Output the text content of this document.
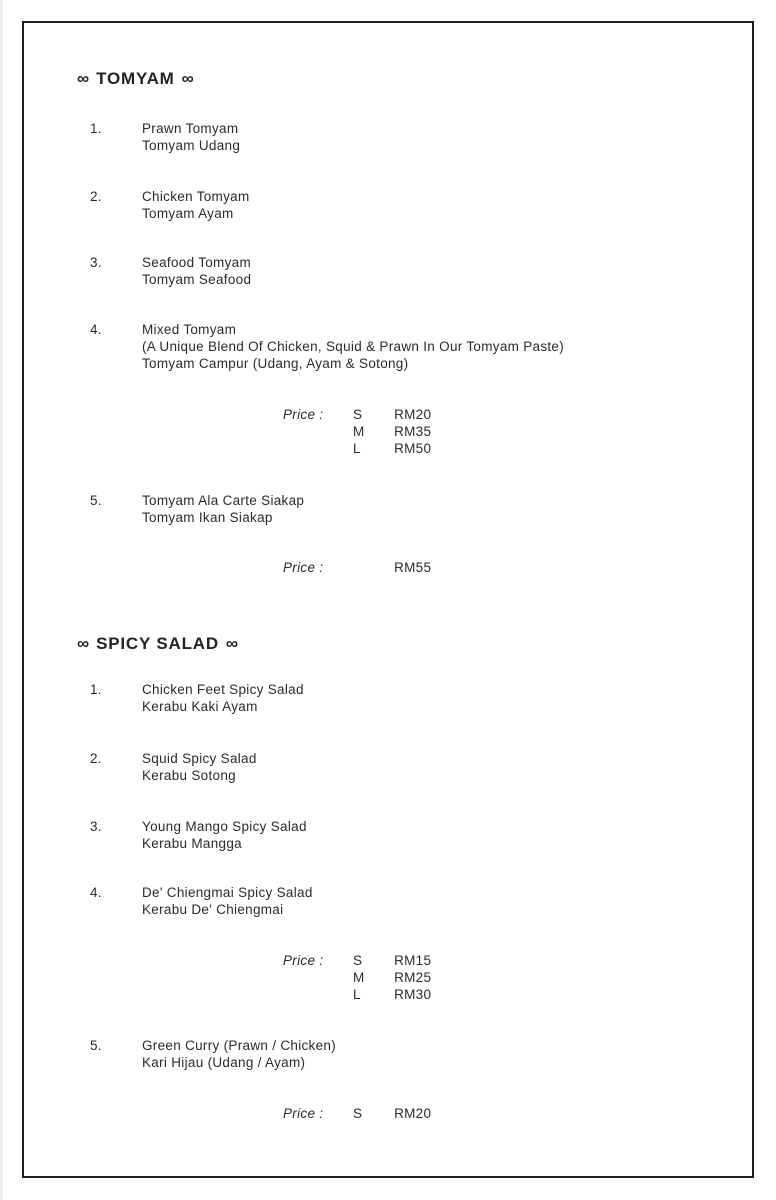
∞ TOMYAM ∞
1.	Prawn Tomyam
Tomyam Udang
2.	Chicken Tomyam
Tomyam Ayam
3.	Seafood Tomyam
Tomyam Seafood
4.	Mixed Tomyam
(A Unique Blend Of Chicken, Squid & Prawn In Our Tomyam Paste)
Tomyam Campur (Udang, Ayam & Sotong)
Price : S RM20
M RM35
L RM50
5.	Tomyam Ala Carte Siakap
Tomyam Ikan Siakap
Price :	RM55
∞ SPICY SALAD ∞
1.	Chicken Feet Spicy Salad
Kerabu Kaki Ayam
2.	Squid Spicy Salad
Kerabu Sotong
3.	Young Mango Spicy Salad
Kerabu Mangga
4.	De' Chiengmai Spicy Salad
Kerabu De' Chiengmai
Price : S RM15
M RM25
L RM30
5.	Green Curry (Prawn / Chicken)
Kari Hijau (Udang / Ayam)
Price : S RM20
